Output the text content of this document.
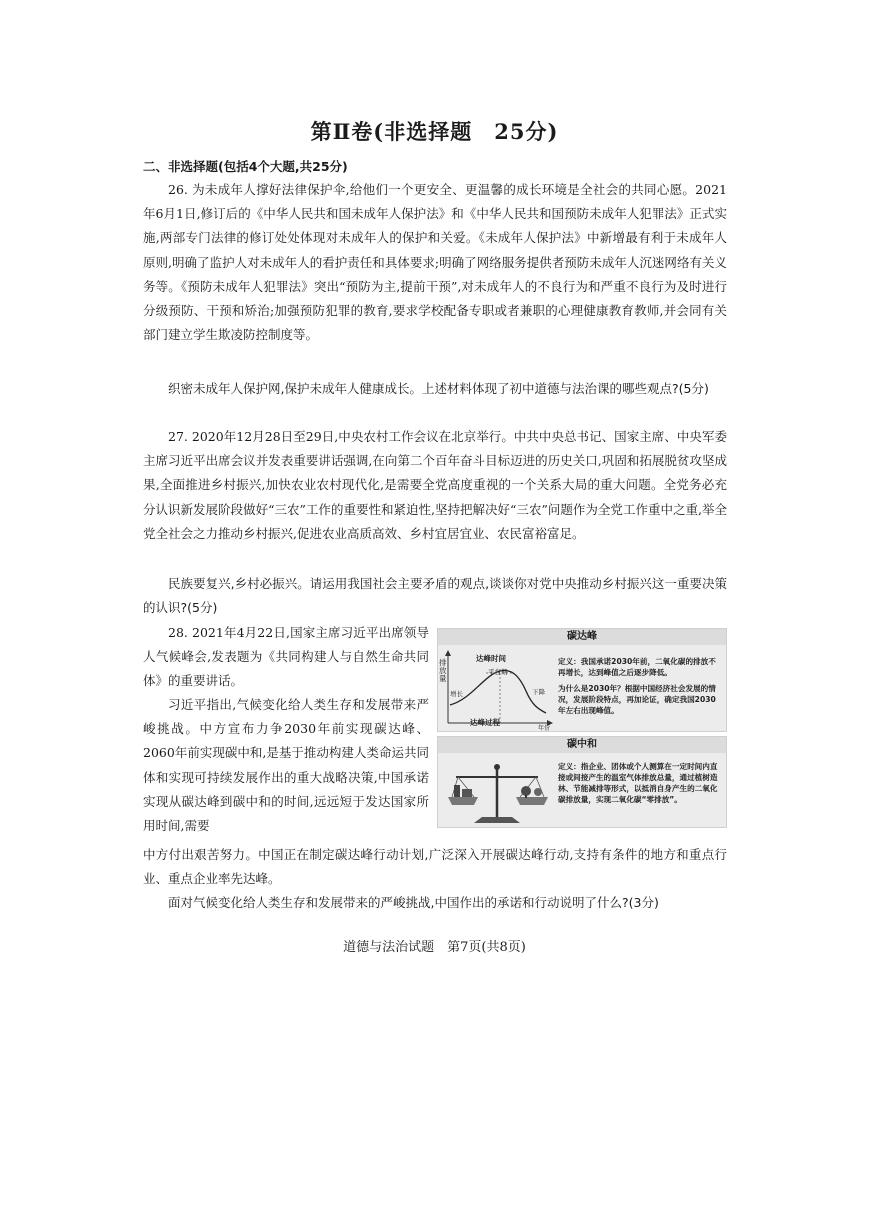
第Ⅱ卷(非选择题　25分)
二、非选择题(包括4个大题,共25分)
26. 为未成年人撑好法律保护伞,给他们一个更安全、更温馨的成长环境是全社会的共同心愿。2021年6月1日,修订后的《中华人民共和国未成年人保护法》和《中华人民共和国预防未成年人犯罪法》正式实施,两部专门法律的修订处处体现对未成年人的保护和关爱。《未成年人保护法》中新增最有利于未成年人原则,明确了监护人对未成年人的看护责任和具体要求;明确了网络服务提供者预防未成年人沉迷网络有关义务等。《预防未成年人犯罪法》突出“预防为主,提前干预”,对未成年人的不良行为和严重不良行为及时进行分级预防、干预和矫治;加强预防犯罪的教育,要求学校配备专职或者兼职的心理健康教育教师,并会同有关部门建立学生欺凌防控制度等。
织密未成年人保护网,保护未成年人健康成长。上述材料体现了初中道德与法治课的哪些观点?(5分)
27. 2020年12月28日至29日,中央农村工作会议在北京举行。中共中央总书记、国家主席、中央军委主席习近平出席会议并发表重要讲话强调,在向第二个百年奋斗目标迈进的历史关口,巩固和拓展脱贫攻坚成果,全面推进乡村振兴,加快农业农村现代化,是需要全党高度重视的一个关系大局的重大问题。全党务必充分认识新发展阶段做好“三农”工作的重要性和紧迫性,坚持把解决好“三农”问题作为全党工作重中之重,举全党全社会之力推动乡村振兴,促进农业高质高效、乡村宜居宜业、农民富裕富足。
民族要复兴,乡村必振兴。请运用我国社会主要矛盾的观点,谈谈你对党中央推动乡村振兴这一重要决策的认识?(5分)
28. 2021年4月22日,国家主席习近平出席领导人气候峰会,发表题为《共同构建人与自然生命共同体》的重要讲话。
习近平指出,气候变化给人类生存和发展带来严峻挑战。中方宣布力争2030年前实现碳达峰、2060年前实现碳中和,是基于推动构建人类命运共同体和实现可持续发展作出的重大战略决策,中国承诺实现从碳达峰到碳中和的时间,远远短于发达国家所用时间,需要
中方付出艰苦努力。中国正在制定碳达峰行动计划,广泛深入开展碳达峰行动,支持有条件的地方和重点行业、重点企业率先达峰。
面对气候变化给人类生存和发展带来的严峻挑战,中国作出的承诺和行动说明了什么?(3分)
碳达峰
排放量
达峰时间
平台期
增长	下降
达峰过程
年份
定义：我国承诺2030年前，二氧化碳的排放不再增长，达到峰值之后逐步降低。
为什么是2030年？根据中国经济社会发展的情况，发展阶段特点，再加论证，确定我国2030年左右出现峰值。
碳中和
定义：指企业、团体或个人测算在一定时间内直接或间接产生的温室气体排放总量，通过植树造林、节能减排等形式，以抵消自身产生的二氧化碳排放量，实现二氧化碳“零排放”。
道德与法治试题　第7页(共8页)
